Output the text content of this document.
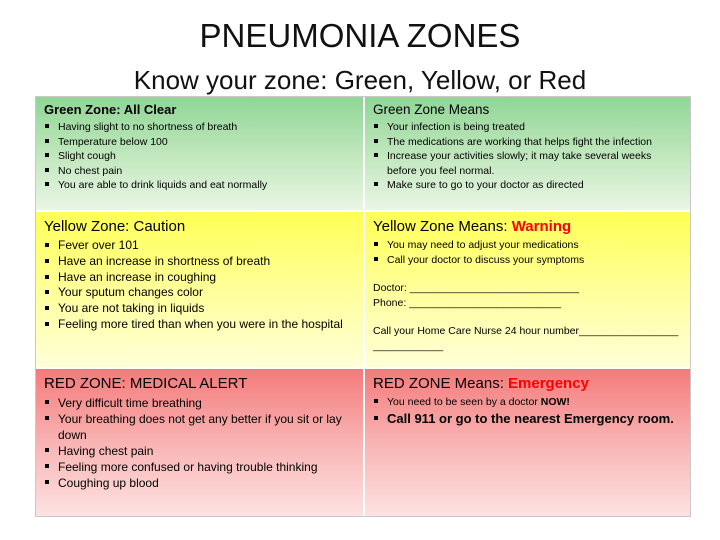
PNEUMONIA ZONES
Know your zone: Green, Yellow, or Red
Green Zone: All Clear
Having slight to no shortness of breath
Temperature below 100
Slight cough
No chest pain
You are able to drink liquids and eat normally
Green Zone Means
Your infection is being treated
The medications are working that helps fight the infection
Increase your activities slowly; it may take several weeks before you feel normal.
Make sure to go to your doctor as directed
Yellow Zone: Caution
Fever over 101
Have an increase in shortness of breath
Have an increase in coughing
Your sputum changes color
You are not taking in liquids
Feeling more tired than when you were in the hospital
Yellow Zone Means: Warning
You may need to adjust your medications
Call your doctor to discuss your symptoms
Doctor: _____________________________
Phone: __________________________
Call your Home Care Nurse 24 hour number_____________________________
RED ZONE: MEDICAL ALERT
Very difficult time breathing
Your breathing does not get any better if you sit or lay down
Having chest pain
Feeling more confused or having trouble thinking
Coughing up blood
RED ZONE Means: Emergency
You need to be seen by a doctor NOW!
Call 911 or go to the nearest Emergency room.
